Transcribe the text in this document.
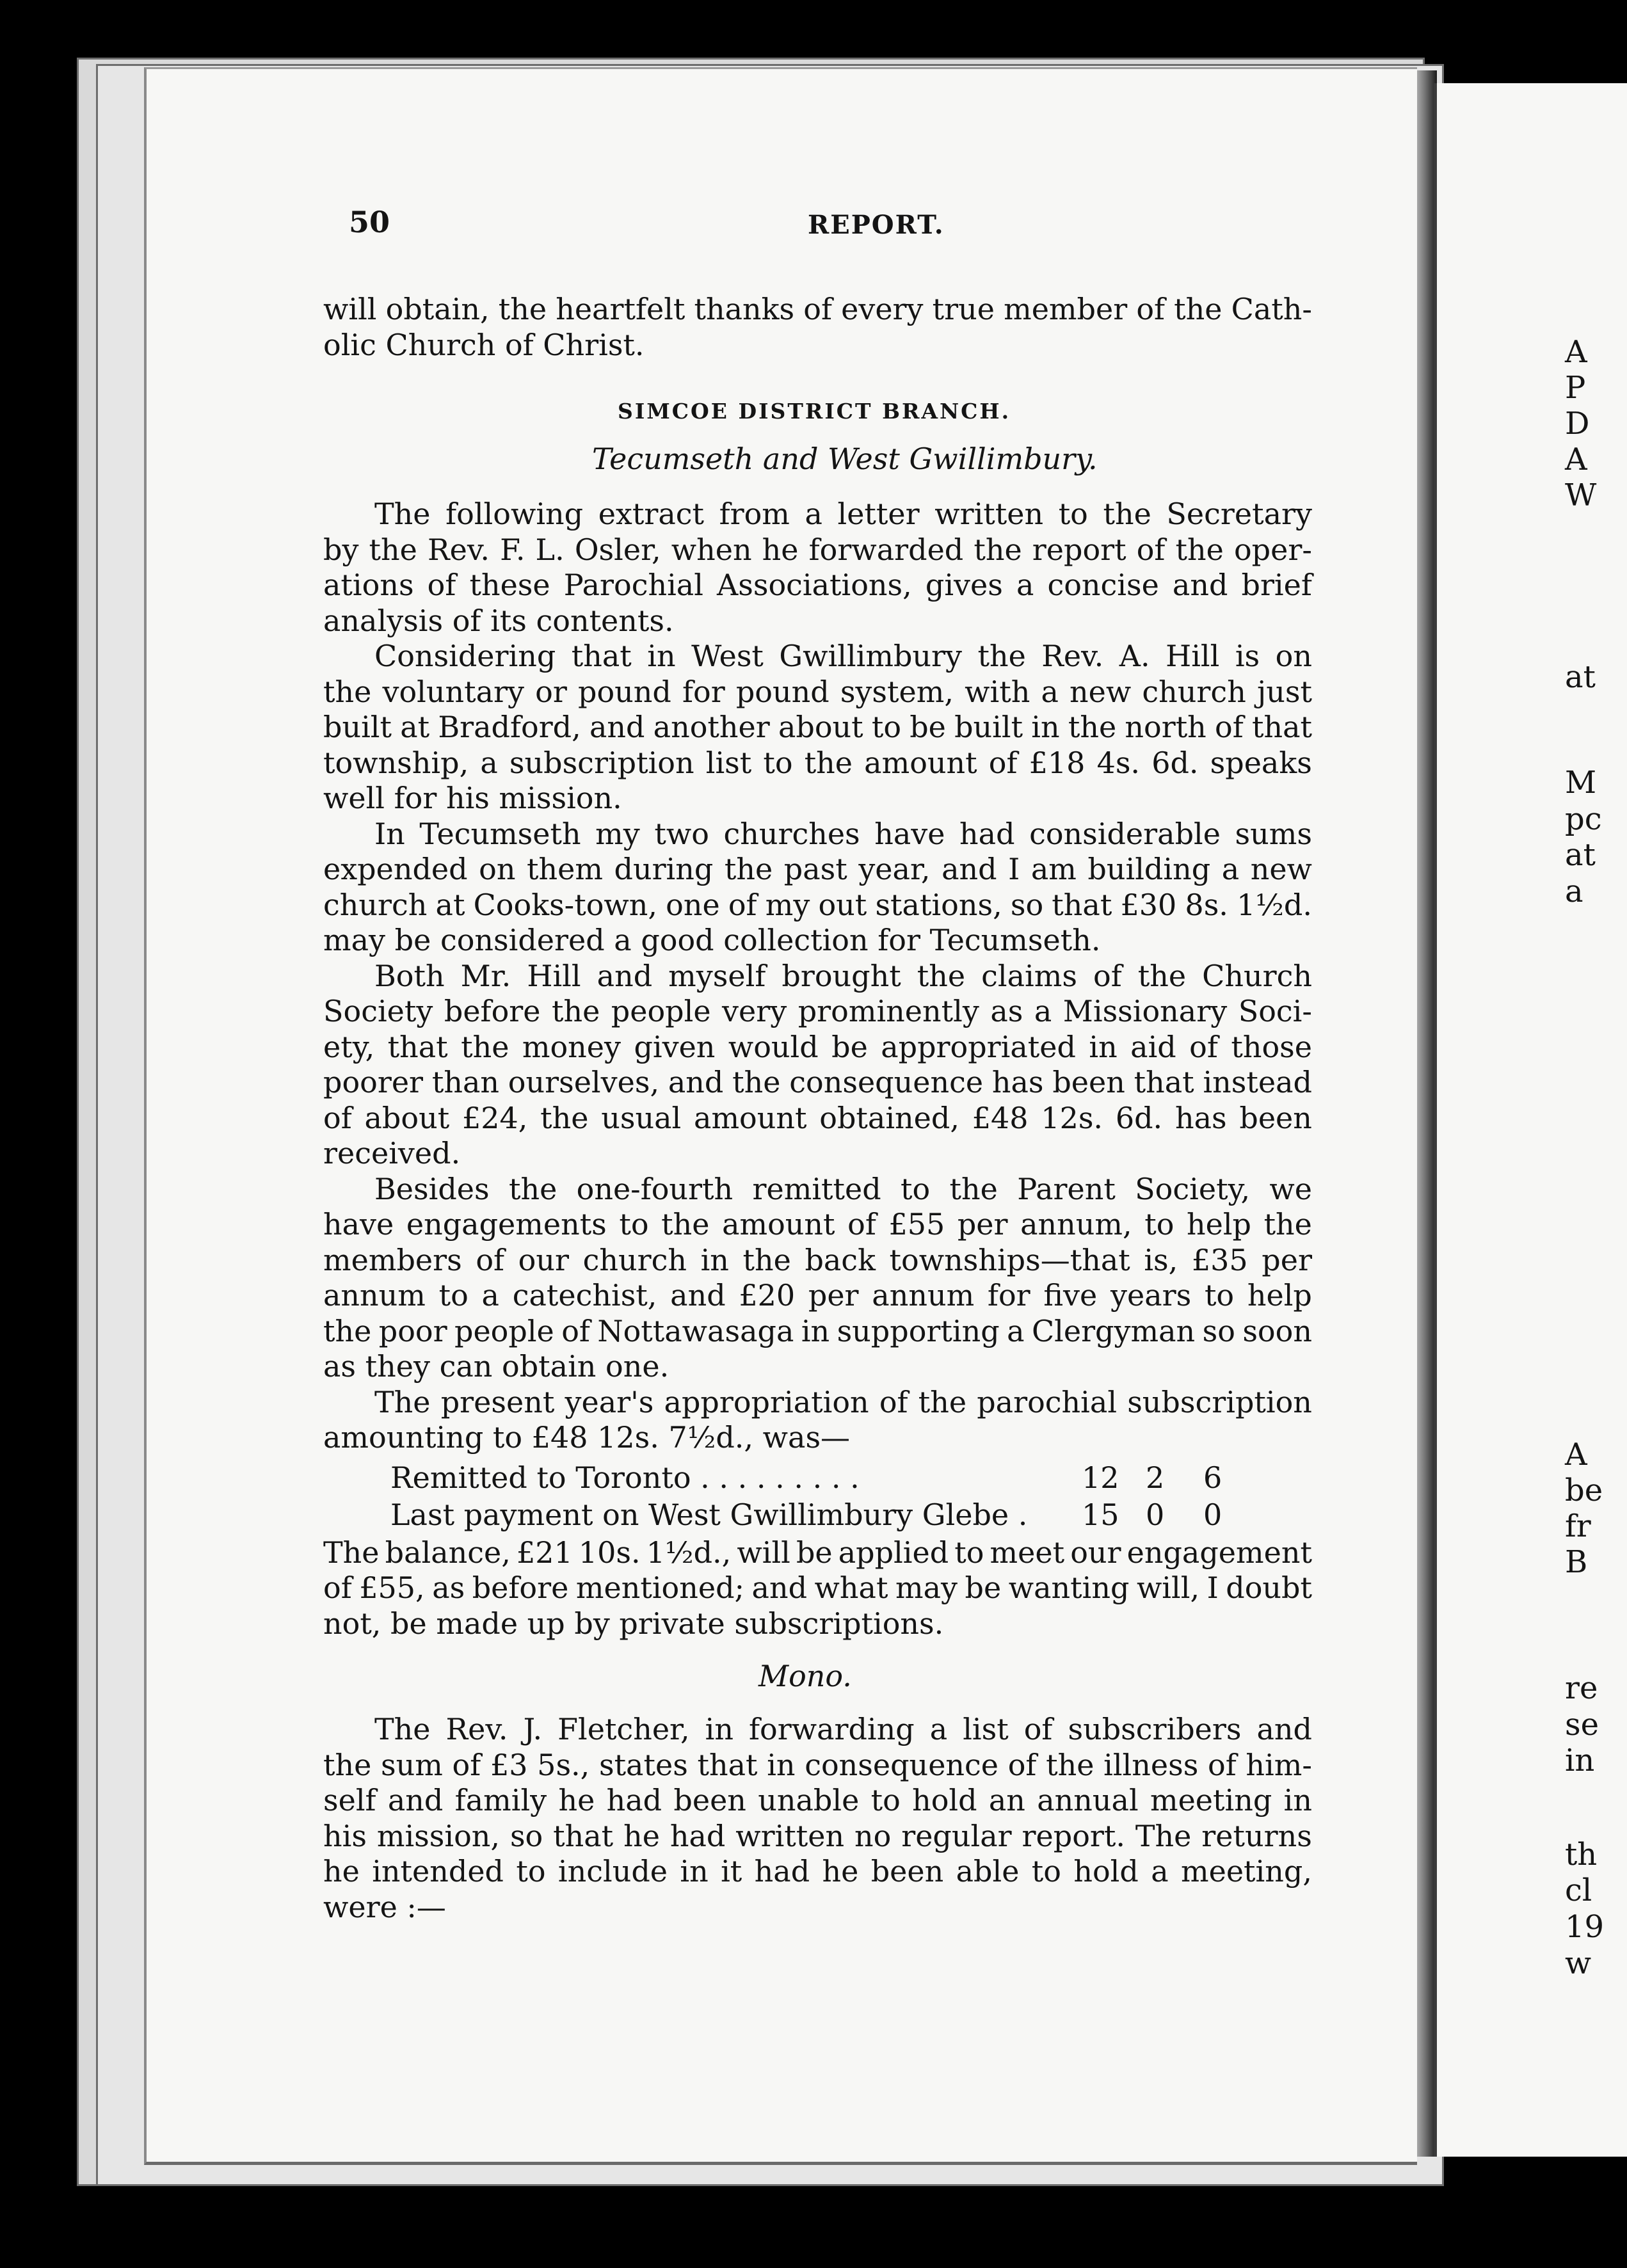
50	REPORT.
will obtain, the heartfelt thanks of every true member of the Cath-
olic Church of Christ.
SIMCOE DISTRICT BRANCH.
Tecumseth and West Gwillimbury.
The following extract from a letter written to the Secretary
by the Rev. F. L. Osler, when he forwarded the report of the oper-
ations of these Parochial Associations, gives a concise and brief
analysis of its contents.
Considering that in West Gwillimbury the Rev. A. Hill is on
the voluntary or pound for pound system, with a new church just
built at Bradford, and another about to be built in the north of that
township, a subscription list to the amount of £18 4s. 6d. speaks
well for his mission.
In Tecumseth my two churches have had considerable sums
expended on them during the past year, and I am building a new
church at Cooks-town, one of my out stations, so that £30 8s. 1½d.
may be considered a good collection for Tecumseth.
Both Mr. Hill and myself brought the claims of the Church
Society before the people very prominently as a Missionary Soci-
ety, that the money given would be appropriated in aid of those
poorer than ourselves, and the consequence has been that instead
of about £24, the usual amount obtained, £48 12s. 6d. has been
received.
Besides the one-fourth remitted to the Parent Society, we
have engagements to the amount of £55 per annum, to help the
members of our church in the back townships—that is, £35 per
annum to a catechist, and £20 per annum for five years to help
the poor people of Nottawasaga in supporting a Clergyman so soon
as they can obtain one.
The present year's appropriation of the parochial subscription
amounting to £48 12s. 7½d., was—
Remitted to Toronto . . . . . . . . .	12 2 6
Last payment on West Gwillimbury Glebe . 15 0 0
The balance, £21 10s. 1½d., will be applied to meet our engagement
of £55, as before mentioned; and what may be wanting will, I doubt
not, be made up by private subscriptions.
Mono.
The Rev. J. Fletcher, in forwarding a list of subscribers and
the sum of £3 5s., states that in consequence of the illness of him-
self and family he had been unable to hold an annual meeting in
his mission, so that he had written no regular report. The returns
he intended to include in it had he been able to hold a meeting,
were :—
A
P
D
A
W
at
M
pc
at
a
A
be
fr
B
re
se
in
th
cl
19
w
